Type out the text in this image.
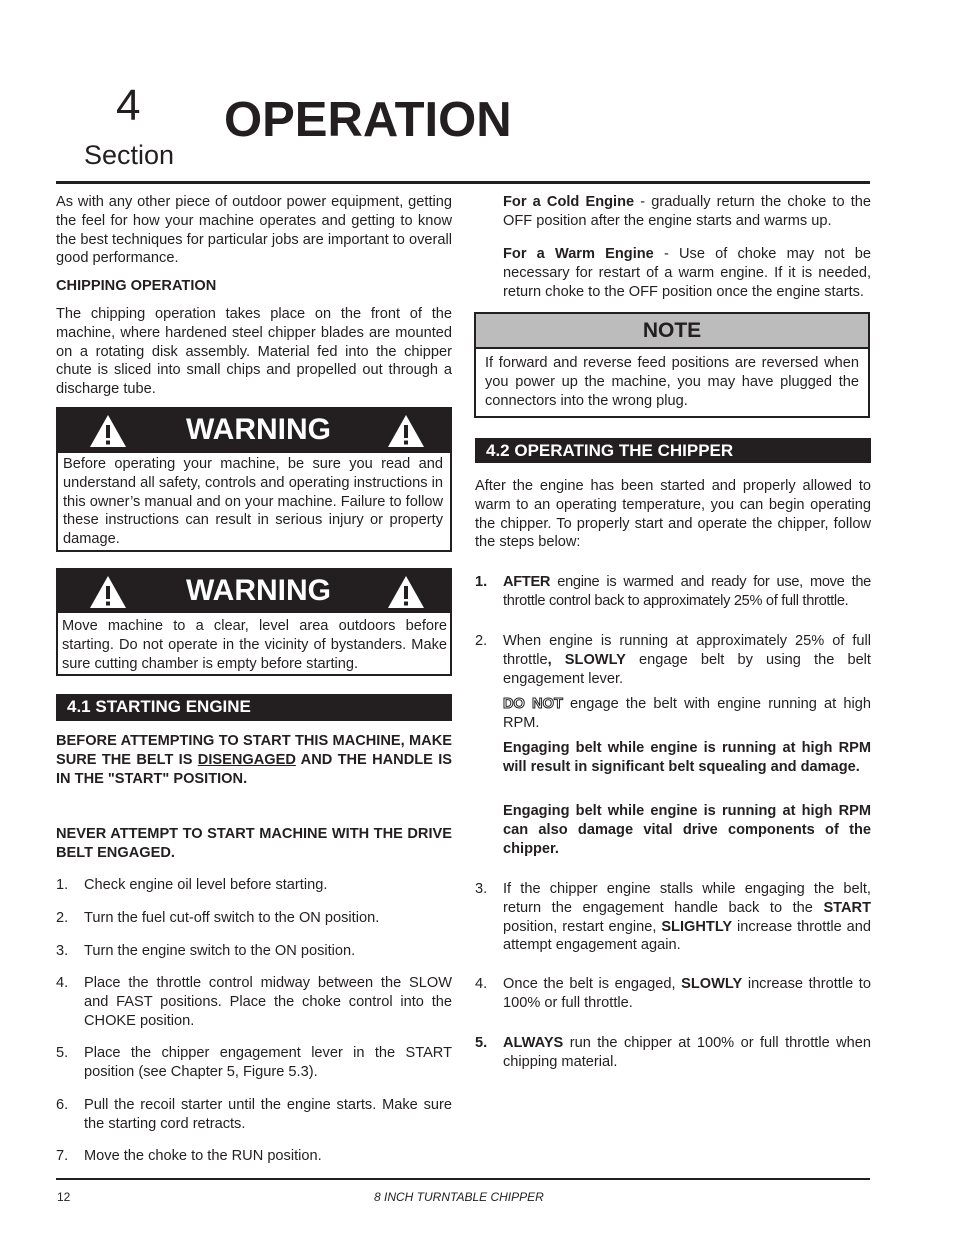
4
Section
OPERATION

As with any other piece of outdoor power equipment, getting the feel for how your machine operates and getting to know the best techniques for particular jobs are important to overall good performance.

CHIPPING OPERATION

The chipping operation takes place on the front of the machine, where hardened steel chipper blades are mounted on a rotating disk assembly. Material fed into the chipper chute is sliced into small chips and propelled out through a discharge tube.

WARNING

Before operating your machine, be sure you read and understand all safety, controls and operating instructions in this owner’s manual and on your machine. Failure to follow these instructions can result in serious injury or property damage.

WARNING

Move machine to a clear, level area outdoors before starting. Do not operate in the vicinity of bystanders. Make sure cutting chamber is empty before starting.

4.1 STARTING ENGINE

BEFORE ATTEMPTING TO START THIS MACHINE, MAKE SURE THE BELT IS DISENGAGED AND THE HANDLE IS IN THE "START" POSITION.

NEVER ATTEMPT TO START MACHINE WITH THE DRIVE BELT ENGAGED.

1. Check engine oil level before starting.

2. Turn the fuel cut-off switch to the ON position.

3. Turn the engine switch to the ON position.

4. Place the throttle control midway between the SLOW and FAST positions. Place the choke control into the CHOKE position.

5. Place the chipper engagement lever in the START position (see Chapter 5, Figure 5.3).

6. Pull the recoil starter until the engine starts. Make sure the starting cord retracts.

7. Move the choke to the RUN position.

For a Cold Engine - gradually return the choke to the OFF position after the engine starts and warms up.

For a Warm Engine - Use of choke may not be necessary for restart of a warm engine. If it is needed, return choke to the OFF position once the engine starts.

NOTE

If forward and reverse feed positions are reversed when you power up the machine, you may have plugged the connectors into the wrong plug.

4.2 OPERATING THE CHIPPER

After the engine has been started and properly allowed to warm to an operating temperature, you can begin operating the chipper. To properly start and operate the chipper, follow the steps below:

1. AFTER engine is warmed and ready for use, move the throttle control back to approximately 25% of full throttle.

2. When engine is running at approximately 25% of full throttle, SLOWLY engage belt by using the belt engagement lever.

DO NOT engage the belt with engine running at high RPM.

Engaging belt while engine is running at high RPM will result in significant belt squealing and damage.

Engaging belt while engine is running at high RPM can also damage vital drive components of the chipper.

3. If the chipper engine stalls while engaging the belt, return the engagement handle back to the START position, restart engine, SLIGHTLY increase throttle and attempt engagement again.

4. Once the belt is engaged, SLOWLY increase throttle to 100% or full throttle.

5. ALWAYS run the chipper at 100% or full throttle when chipping material.

12	8 INCH TURNTABLE CHIPPER
